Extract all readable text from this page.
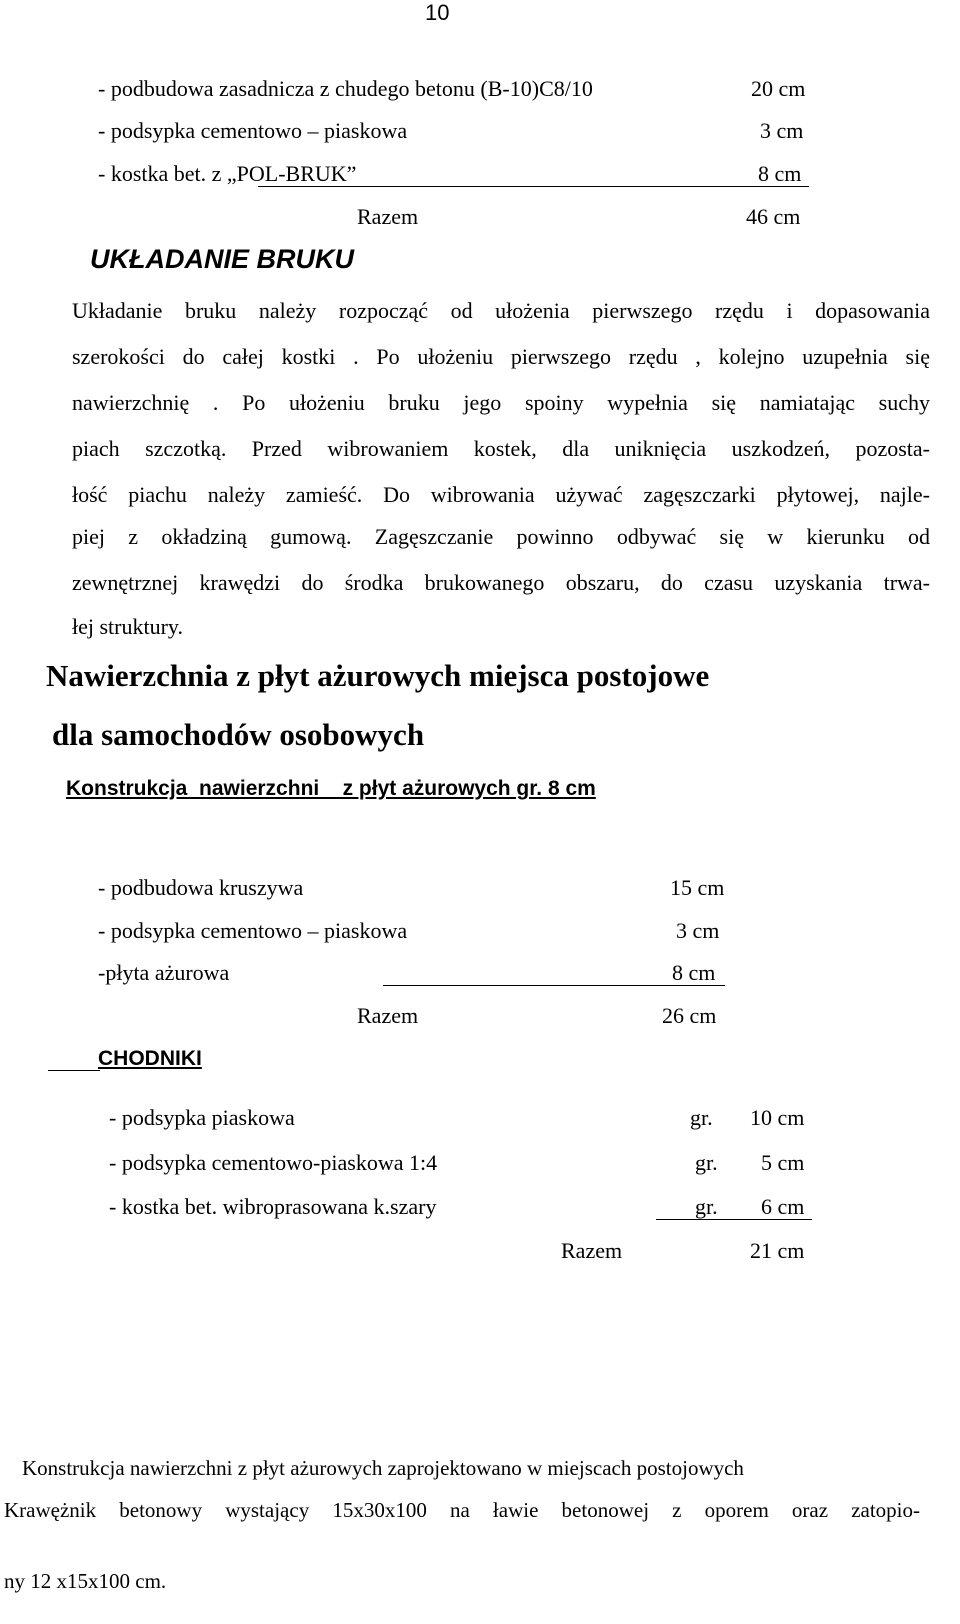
10
- podbudowa zasadnicza z chudego betonu (B-10)C8/10	20 cm
- podsypka cementowo – piaskowa	3 cm
- kostka bet. z „POL-BRUK”	8 cm
Razem	46 cm
UKŁADANIE BRUKU
Układanie bruku należy rozpocząć od ułożenia pierwszego rzędu i dopasowania
szerokości do całej kostki . Po ułożeniu pierwszego rzędu , kolejno uzupełnia się
nawierzchnię . Po ułożeniu bruku jego spoiny wypełnia się namiatając suchy
piach szczotką. Przed wibrowaniem kostek, dla uniknięcia uszkodzeń, pozosta-
łość piachu należy zamieść. Do wibrowania używać zagęszczarki płytowej, najle-
piej z okładziną gumową. Zagęszczanie powinno odbywać się w kierunku od
zewnętrznej krawędzi do środka brukowanego obszaru, do czasu uzyskania trwa-
łej struktury.
Nawierzchnia z płyt ażurowych miejsca postojowe
dla samochodów osobowych
Konstrukcja  nawierzchni    z płyt ażurowych gr. 8 cm
- podbudowa kruszywa	15 cm
- podsypka cementowo – piaskowa	3 cm
-płyta ażurowa	8 cm
Razem	26 cm
CHODNIKI
- podsypka piaskowa	gr. 10 cm
- podsypka cementowo-piaskowa 1:4	gr. 5 cm
- kostka bet. wibroprasowana k.szary	gr. 6 cm
Razem	21 cm
Konstrukcja nawierzchni z płyt ażurowych zaprojektowano w miejscach postojowych
Krawężnik betonowy wystający 15x30x100 na ławie betonowej z oporem oraz zatopio-
ny 12 x15x100 cm.
